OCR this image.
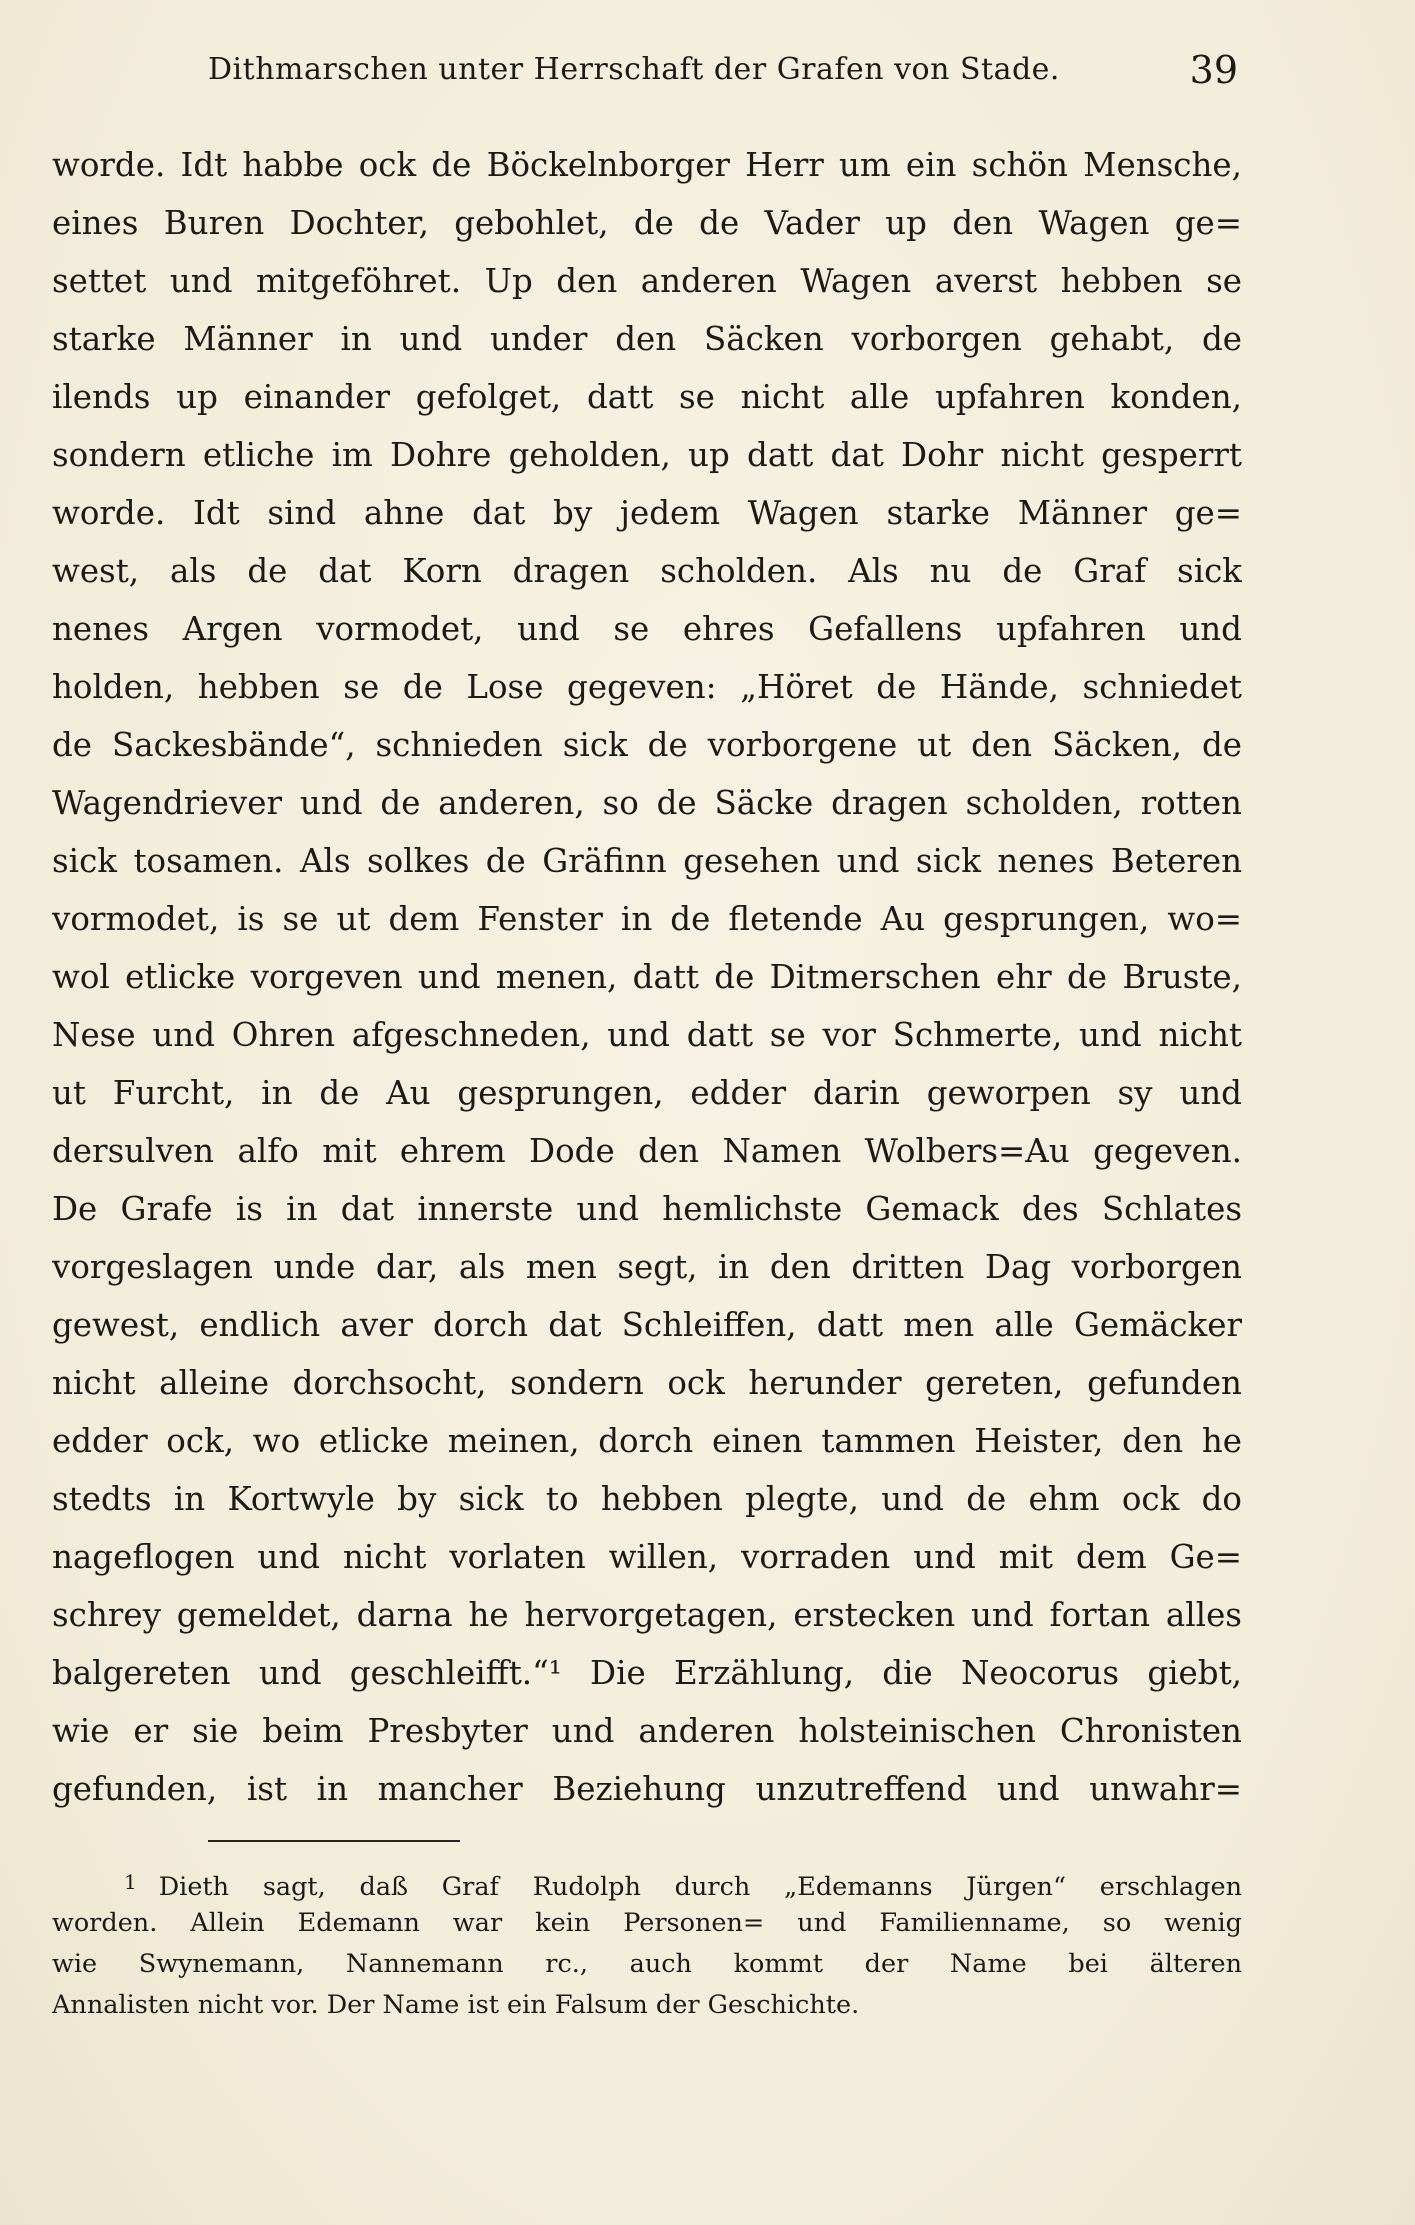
Dithmarschen unter Herrschaft der Grafen von Stade.	39
worde. Idt habbe ock de Böckelnborger Herr um ein schön Mensche,
eines Buren Dochter, gebohlet, de de Vader up den Wagen ge=
settet und mitgeföhret. Up den anderen Wagen averst hebben se
starke Männer in und under den Säcken vorborgen gehabt, de
ilends up einander gefolget, datt se nicht alle upfahren konden,
sondern etliche im Dohre geholden, up datt dat Dohr nicht gesperrt
worde. Idt sind ahne dat by jedem Wagen starke Männer ge=
west, als de dat Korn dragen scholden. Als nu de Graf sick
nenes Argen vormodet, und se ehres Gefallens upfahren und
holden, hebben se de Lose gegeven: „Höret de Hände, schniedet
de Sackesbände“, schnieden sick de vorborgene ut den Säcken, de
Wagendriever und de anderen, so de Säcke dragen scholden, rotten
sick tosamen. Als solkes de Gräfinn gesehen und sick nenes Beteren
vormodet, is se ut dem Fenster in de fletende Au gesprungen, wo=
wol etlicke vorgeven und menen, datt de Ditmerschen ehr de Bruste,
Nese und Ohren afgeschneden, und datt se vor Schmerte, und nicht
ut Furcht, in de Au gesprungen, edder darin geworpen sy und
dersulven alfo mit ehrem Dode den Namen Wolbers=Au gegeven.
De Grafe is in dat innerste und hemlichste Gemack des Schlates
vorgeslagen unde dar, als men segt, in den dritten Dag vorborgen
gewest, endlich aver dorch dat Schleiffen, datt men alle Gemäcker
nicht alleine dorchsocht, sondern ock herunder gereten, gefunden
edder ock, wo etlicke meinen, dorch einen tammen Heister, den he
stedts in Kortwyle by sick to hebben plegte, und de ehm ock do
nageflogen und nicht vorlaten willen, vorraden und mit dem Ge=
schrey gemeldet, darna he hervorgetagen, erstecken und fortan alles
balgereten und geschleifft.“¹ Die Erzählung, die Neocorus giebt,
wie er sie beim Presbyter und anderen holsteinischen Chronisten
gefunden, ist in mancher Beziehung unzutreffend und unwahr=
$^1$ Dieth sagt, daß Graf Rudolph durch „Edemanns Jürgen“ erschlagen
worden. Allein Edemann war kein Personen= und Familienname, so wenig
wie Swynemann, Nannemann rc., auch kommt der Name bei älteren
Annalisten nicht vor. Der Name ist ein Falsum der Geschichte.
